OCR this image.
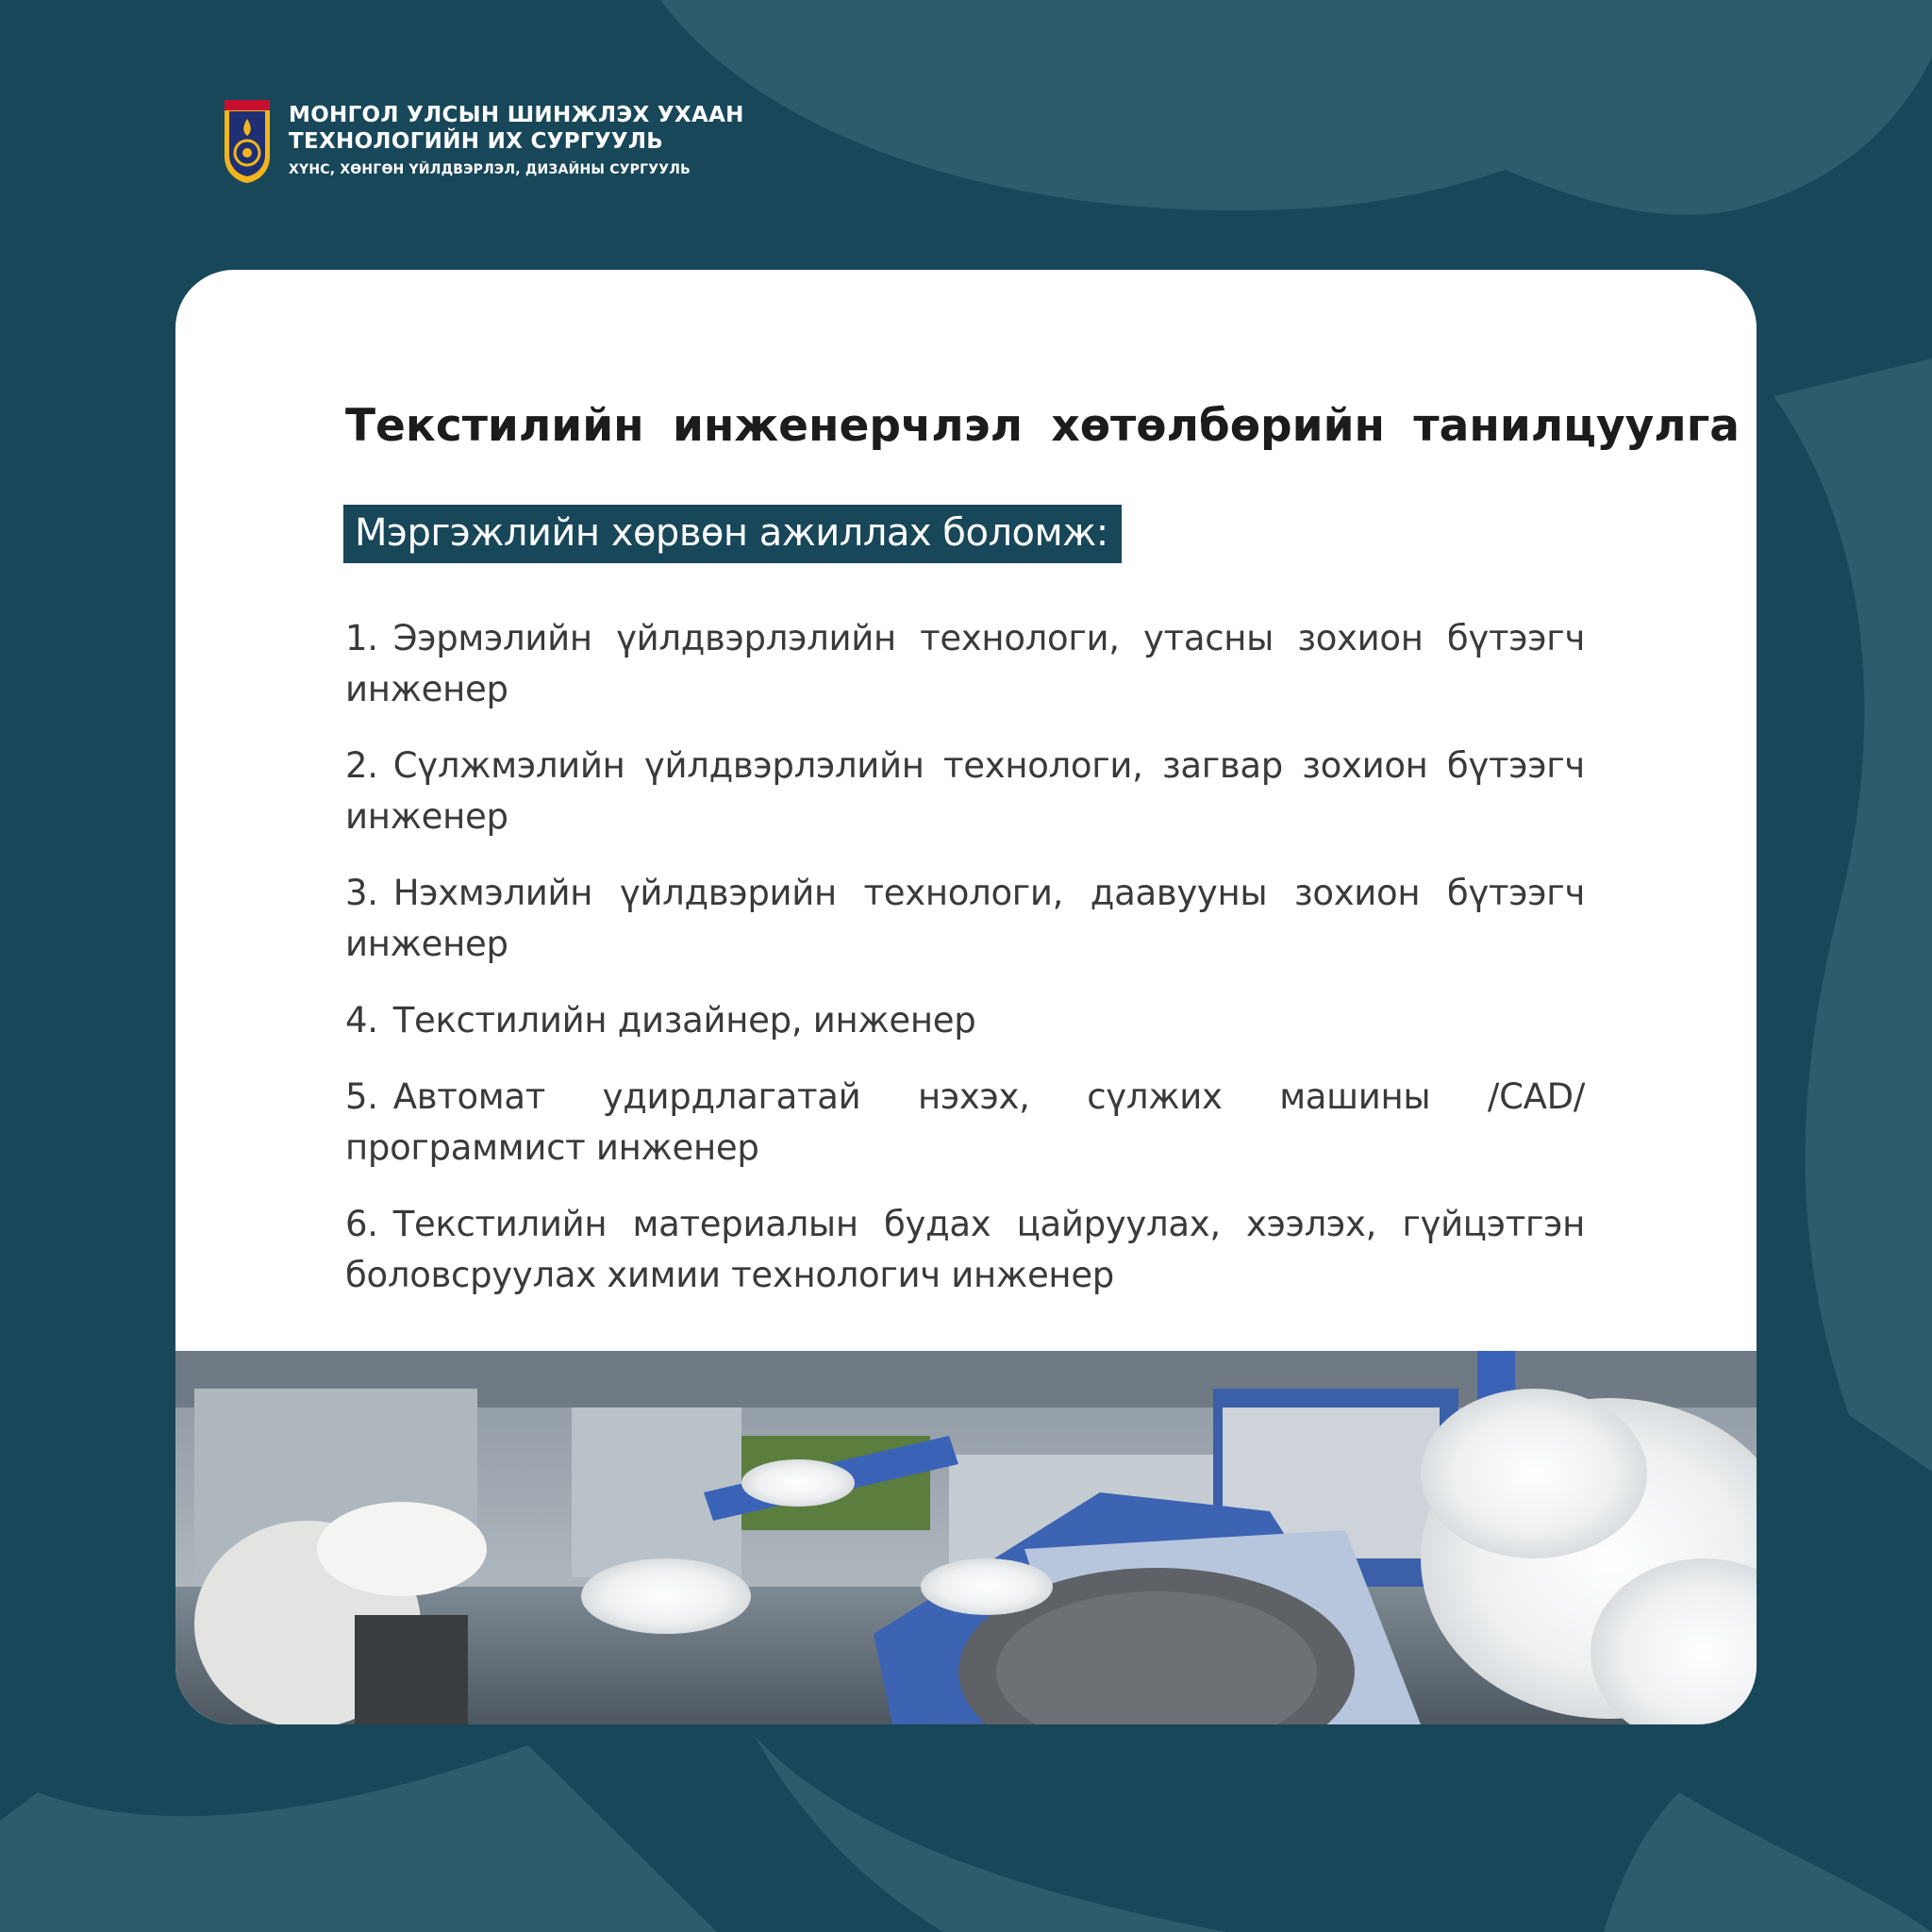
МОНГОЛ УЛСЫН ШИНЖЛЭХ УХААН
ТЕХНОЛОГИЙН ИХ СУРГУУЛЬ
ХҮНС, ХӨНГӨН ҮЙЛДВЭРЛЭЛ, ДИЗАЙНЫ СУРГУУЛЬ
Текстилийн инженерчлэл хөтөлбөрийн танилцуулга
Мэргэжлийн хөрвөн ажиллах боломж:
1. Ээрмэлийн үйлдвэрлэлийн технологи, утасны зохион бүтээгч инженер
2. Сүлжмэлийн үйлдвэрлэлийн технологи, загвар зохион бүтээгч инженер
3. Нэхмэлийн үйлдвэрийн технологи, даавууны зохион бүтээгч инженер
4. Текстилийн дизайнер, инженер
5. Автомат удирдлагатай нэхэх, сүлжих машины /CAD/ программист инженер
6. Текстилийн материалын будах цайруулах, хээлэх, гүйцэтгэн боловсруулах химии технологич инженер
